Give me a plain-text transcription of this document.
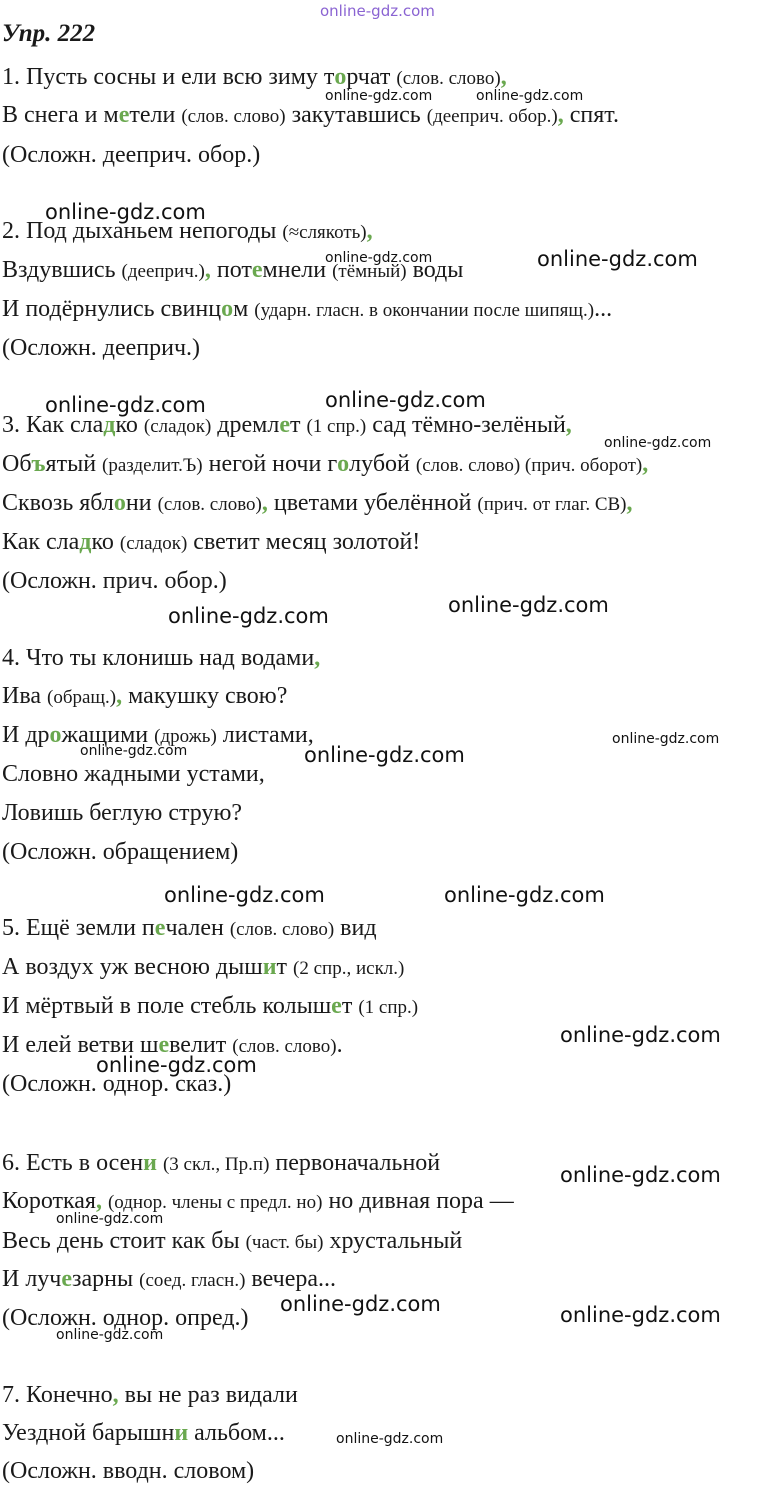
online-gdz.com
Упр. 222
1. Пусть сосны и ели всю зиму торчат (слов. слово),
В снега и метели (слов. слово) закутавшись (дееприч. обор.), спят.
(Осложн. дееприч. обор.)
2. Под дыханьем непогоды (≈слякоть),
Вздувшись (дееприч.), потемнели (тёмный) воды
И подёрнулись свинцом (ударн. гласн. в окончании после шипящ.)...
(Осложн. дееприч.)
3. Как сладко (сладок) дремлет (1 спр.) сад тёмно-зелёный,
Объятый (разделит.Ъ) негой ночи голубой (слов. слово) (прич. оборот),
Сквозь яблони (слов. слово), цветами убелённой (прич. от глаг. СВ),
Как сладко (сладок) светит месяц золотой!
(Осложн. прич. обор.)
4. Что ты клонишь над водами,
Ива (обращ.), макушку свою?
И дрожащими (дрожь) листами,
Словно жадными устами,
Ловишь беглую струю?
(Осложн. обращением)
5. Ещё земли печален (слов. слово) вид
А воздух уж весною дышит (2 спр., искл.)
И мёртвый в поле стебль колышет (1 спр.)
И елей ветви шевелит (слов. слово).
(Осложн. однор. сказ.)
6. Есть в осени (3 скл., Пр.п) первоначальной
Короткая, (однор. члены с предл. но) но дивная пора —
Весь день стоит как бы (част. бы) хрустальный
И лучезарны (соед. гласн.) вечера...
(Осложн. однор. опред.)
7. Конечно, вы не раз видали
Уездной барышни альбом...
(Осложн. вводн. словом)
online-gdz.com	online-gdz.com
online-gdz.com
online-gdz.com	online-gdz.com
online-gdz.com
online-gdz.com
online-gdz.com
online-gdz.com	online-gdz.com
online-gdz.com	online-gdz.com
online-gdz.com
online-gdz.com	online-gdz.com
online-gdz.com
online-gdz.com
online-gdz.com
online-gdz.com
online-gdz.com	online-gdz.com
online-gdz.com
online-gdz.com
